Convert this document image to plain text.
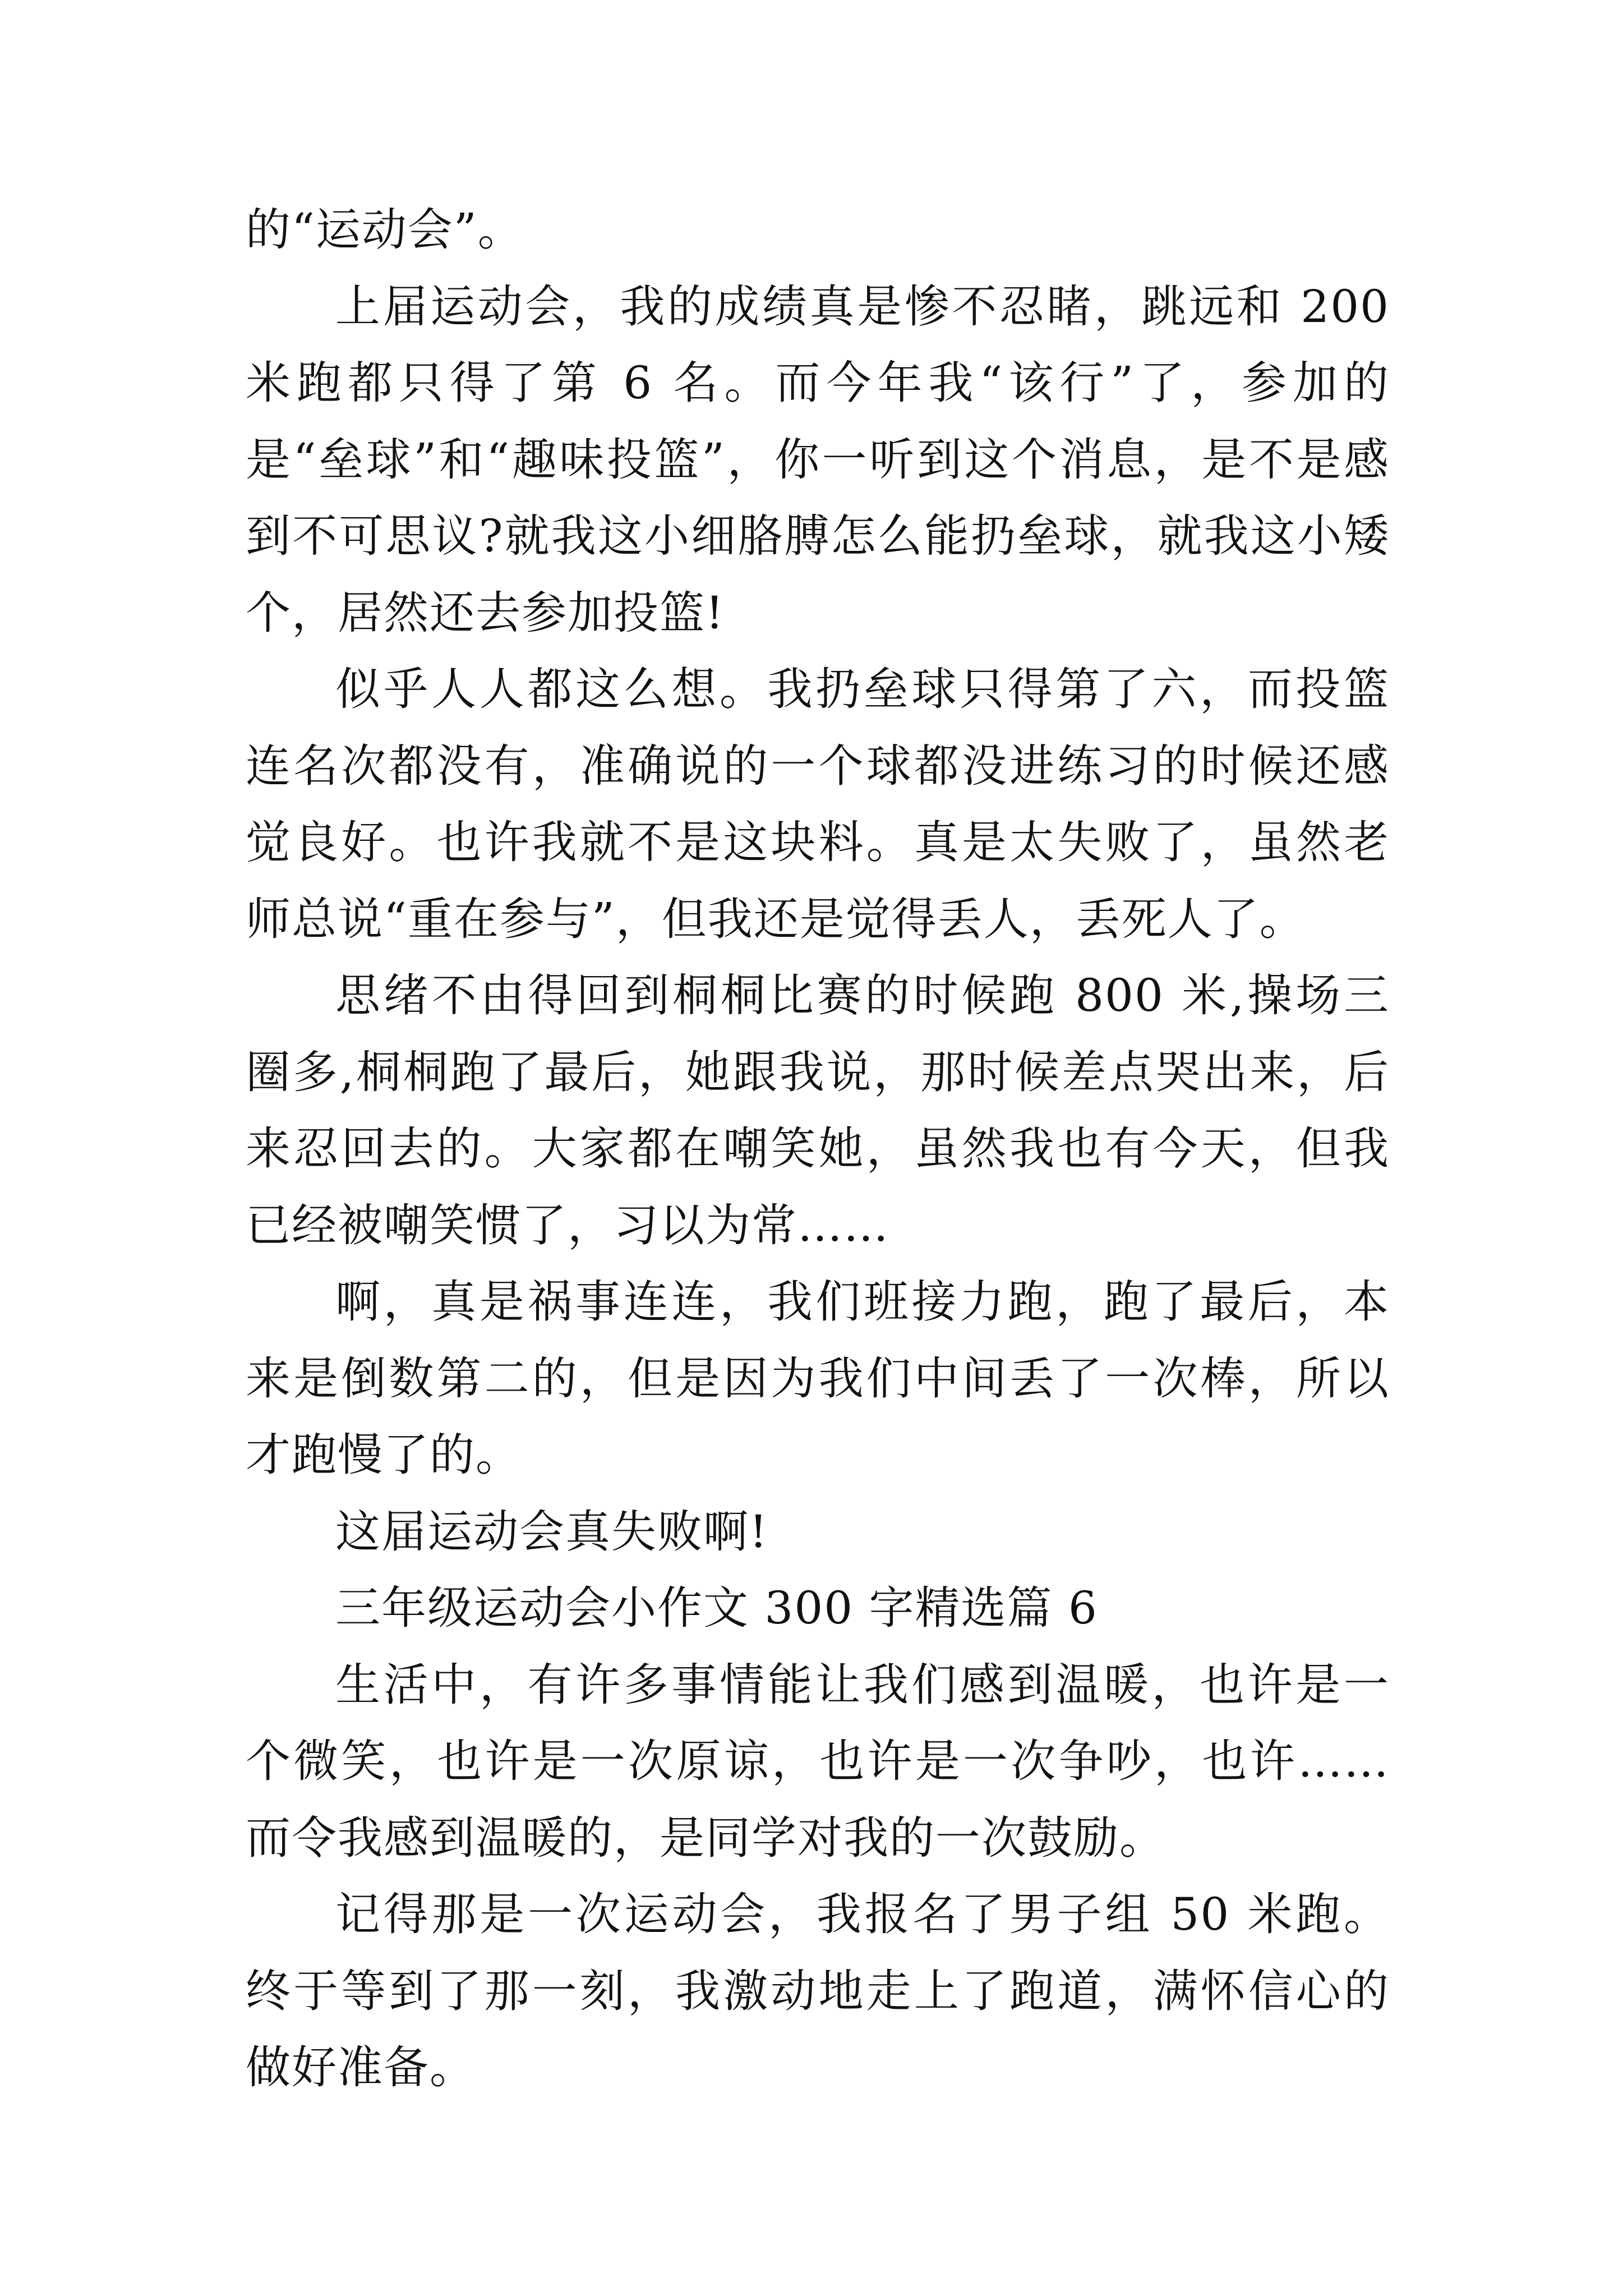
的“运动会”。

上届运动会，我的成绩真是惨不忍睹，跳远和 200 米跑都只得了第 6 名。而今年我“该行”了，参加的是“垒球”和“趣味投篮”，你一听到这个消息，是不是感到不可思议?就我这小细胳膊怎么能扔垒球，就我这小矮个，居然还去参加投篮!

似乎人人都这么想。我扔垒球只得第了六，而投篮连名次都没有，准确说的一个球都没进练习的时候还感觉良好。也许我就不是这块料。真是太失败了，虽然老师总说“重在参与”，但我还是觉得丢人，丢死人了。

思绪不由得回到桐桐比赛的时候跑 800 米,操场三圈多,桐桐跑了最后，她跟我说，那时候差点哭出来，后来忍回去的。大家都在嘲笑她，虽然我也有今天，但我已经被嘲笑惯了，习以为常……

啊，真是祸事连连，我们班接力跑，跑了最后，本来是倒数第二的，但是因为我们中间丢了一次棒，所以才跑慢了的。

这届运动会真失败啊!

三年级运动会小作文 300 字精选篇 6

生活中，有许多事情能让我们感到温暖，也许是一个微笑，也许是一次原谅，也许是一次争吵，也许……而令我感到温暖的，是同学对我的一次鼓励。

记得那是一次运动会，我报名了男子组 50 米跑。终于等到了那一刻，我激动地走上了跑道，满怀信心的做好准备。
